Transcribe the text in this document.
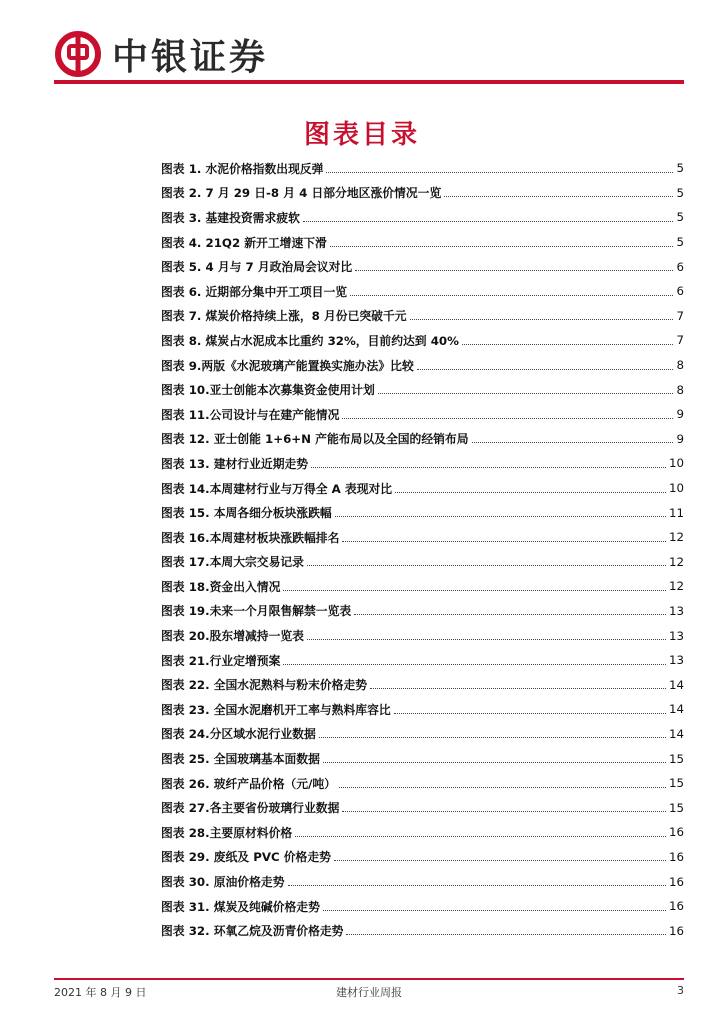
中银证券
图表目录
图表 1. 水泥价格指数出现反弹	5
图表 2. 7 月 29 日-8 月 4 日部分地区涨价情况一览	5
图表 3. 基建投资需求疲软	5
图表 4. 21Q2 新开工增速下滑	5
图表 5. 4 月与 7 月政治局会议对比	6
图表 6. 近期部分集中开工项目一览	6
图表 7. 煤炭价格持续上涨，8 月份已突破千元	7
图表 8. 煤炭占水泥成本比重约 32%，目前约达到 40%	7
图表 9.两版《水泥玻璃产能置换实施办法》比较	8
图表 10.亚士创能本次募集资金使用计划	8
图表 11.公司设计与在建产能情况	9
图表 12. 亚士创能 1+6+N 产能布局以及全国的经销布局	9
图表 13. 建材行业近期走势	10
图表 14.本周建材行业与万得全 A 表现对比	10
图表 15. 本周各细分板块涨跌幅	11
图表 16.本周建材板块涨跌幅排名	12
图表 17.本周大宗交易记录	12
图表 18.资金出入情况	12
图表 19.未来一个月限售解禁一览表	13
图表 20.股东增减持一览表	13
图表 21.行业定增预案	13
图表 22. 全国水泥熟料与粉末价格走势	14
图表 23. 全国水泥磨机开工率与熟料库容比	14
图表 24.分区域水泥行业数据	14
图表 25. 全国玻璃基本面数据	15
图表 26. 玻纤产品价格（元/吨）	15
图表 27.各主要省份玻璃行业数据	15
图表 28.主要原材料价格	16
图表 29. 废纸及 PVC 价格走势	16
图表 30. 原油价格走势	16
图表 31. 煤炭及纯碱价格走势	16
图表 32. 环氧乙烷及沥青价格走势	16
2021 年 8 月 9 日	建材行业周报	3
